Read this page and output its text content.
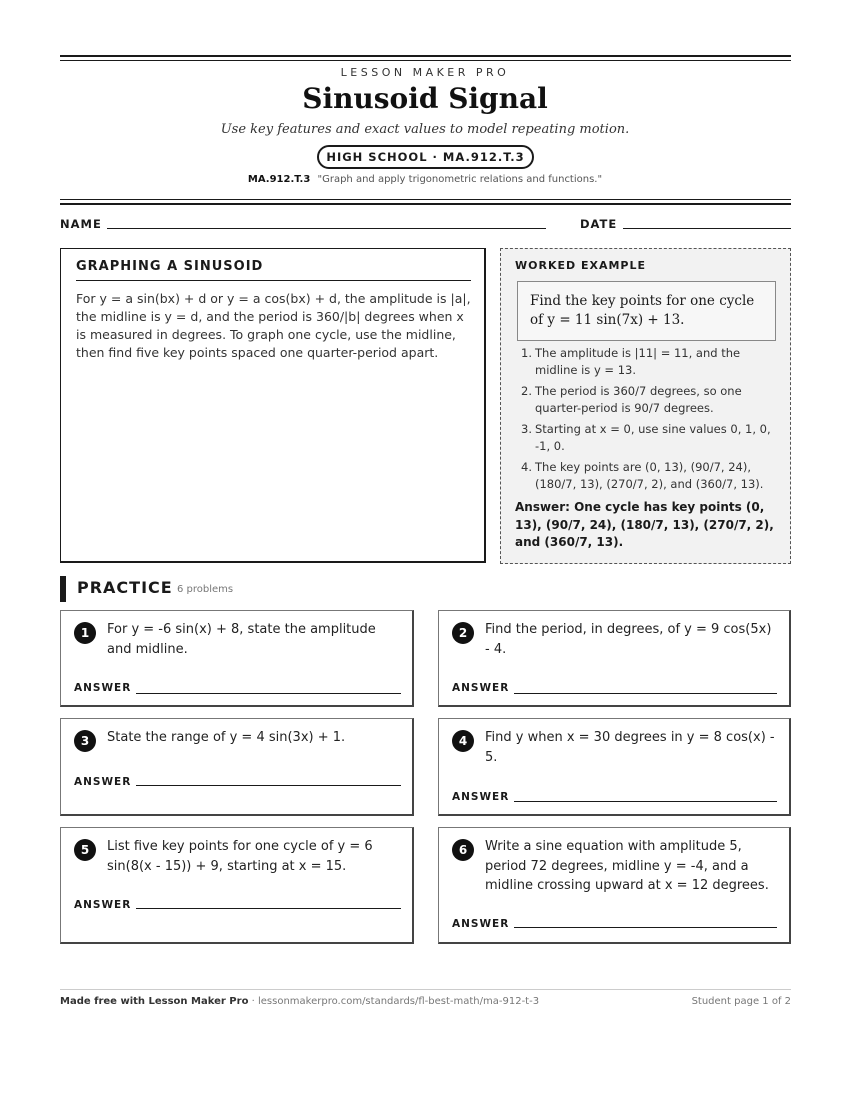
LESSON MAKER PRO
Sinusoid Signal
Use key features and exact values to model repeating motion.
HIGH SCHOOL · MA.912.T.3
MA.912.T.3 "Graph and apply trigonometric relations and functions."
NAME	DATE
GRAPHING A SINUSOID

For y = a sin(bx) + d or y = a cos(bx) + d, the amplitude is |a|, the midline is y = d, and the period is 360/|b| degrees when x is measured in degrees. To graph one cycle, use the midline, then find five key points spaced one quarter-period apart.

WORKED EXAMPLE
Find the key points for one cycle of y = 11 sin(7x) + 13.
1. The amplitude is |11| = 11, and the midline is y = 13.
2. The period is 360/7 degrees, so one quarter-period is 90/7 degrees.
3. Starting at x = 0, use sine values 0, 1, 0, -1, 0.
4. The key points are (0, 13), (90/7, 24), (180/7, 13), (270/7, 2), and (360/7, 13).
Answer: One cycle has key points (0, 13), (90/7, 24), (180/7, 13), (270/7, 2), and (360/7, 13).
PRACTICE 6 problems
1	For y = -6 sin(x) + 8, state the amplitude and midline.
ANSWER
2	Find the period, in degrees, of y = 9 cos(5x) - 4.
ANSWER
3	State the range of y = 4 sin(3x) + 1.
ANSWER
4	Find y when x = 30 degrees in y = 8 cos(x) - 5.
ANSWER
5	List five key points for one cycle of y = 6 sin(8(x - 15)) + 9, starting at x = 15.
ANSWER
6	Write a sine equation with amplitude 5, period 72 degrees, midline y = -4, and a midline crossing upward at x = 12 degrees.
ANSWER
Made free with Lesson Maker Pro · lessonmakerpro.com/standards/fl-best-math/ma-912-t-3	Student page 1 of 2
